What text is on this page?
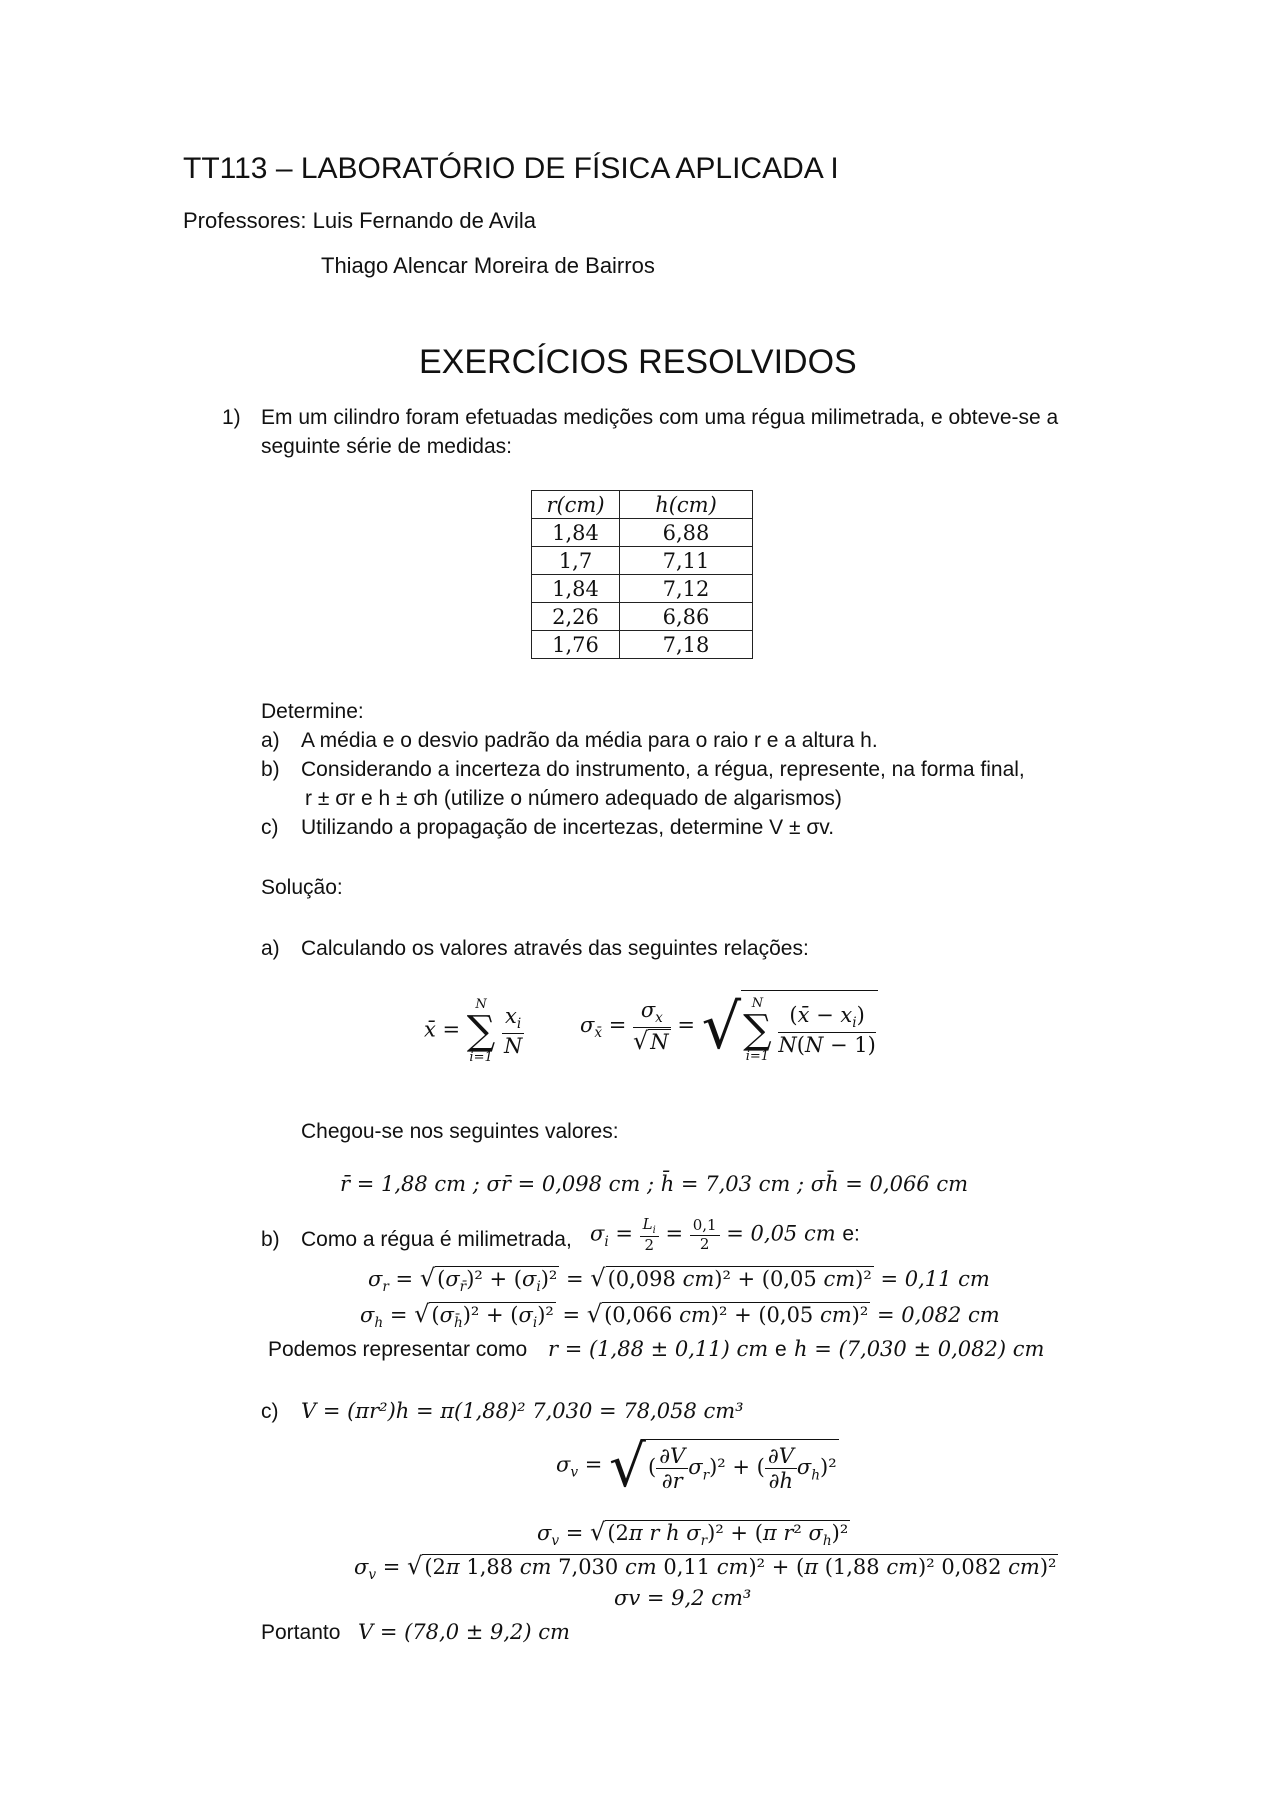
TT113 – LABORATÓRIO DE FÍSICA APLICADA I
Professores: Luis Fernando de Avila
Thiago Alencar Moreira de Bairros
EXERCÍCIOS RESOLVIDOS
1) Em um cilindro foram efetuadas medições com uma régua milimetrada, e obteve-se a
seguinte série de medidas:
r(cm)	h(cm)
1,84	6,88
1,7	7,11
1,84	7,12
2,26	6,86
1,76	7,18
Determine:
a) A média e o desvio padrão da média para o raio r e a altura h.
b) Considerando a incerteza do instrumento, a régua, represente, na forma final,
r ± σr e h ± σh (utilize o número adequado de algarismos)
c) Utilizando a propagação de incertezas, determine V ± σv.
Solução:
a) Calculando os valores através das seguintes relações:
x̄ =
N
∑
i=1
$\frac{x_i}{N}$	$\sigma_{x̄} = \frac{\sigma_x}{√N}$ = √ N
∑
i=1
$\frac{(x̄ - x_i)}{N(N - 1)}$
Chegou-se nos seguintes valores:
r̄ = 1,88 cm ; σr̄ = 0,098 cm ; h̄ = 7,03 cm ; σh̄ = 0,066 cm
b) Como a régua é milimetrada, $\sigma_i = \frac{L_i}{2} = \frac{0,1}{2} = 0,05$ cm e:
$\sigma_r = √(\sigma_{r̄})^2 + (\sigma_i)^2 = √(0,098$ cm)² + (0,05 cm)² = 0,11 cm
$\sigma_h = √(\sigma_{h̄})^2 + (\sigma_i)^2 = √(0,066$ cm)² + (0,05 cm)² = 0,082 cm
Podemos representar como r = (1,88 ± 0,11) cm e h = (7,030 ± 0,082) cm
c) V = (πr²)h = π(1,88)² 7,030 = 78,058 cm³
$\sigma_v$ = √( $\frac{\partial V}{\partial r} \sigma_r)^2$ + ( $\frac{\partial V}{\partial h} \sigma_h)^2$
$\sigma_v = √(2\pi$ r h $\sigma_r)^2 + (\pi$ r² $\sigma_h)^2$
$\sigma_v = √(2\pi$ 1,88 cm 7,030 cm 0,11 cm)² + (π (1,88 cm)² 0,082 cm)²
σv = 9,2 cm³
Portanto V = (78,0 ± 9,2) cm
